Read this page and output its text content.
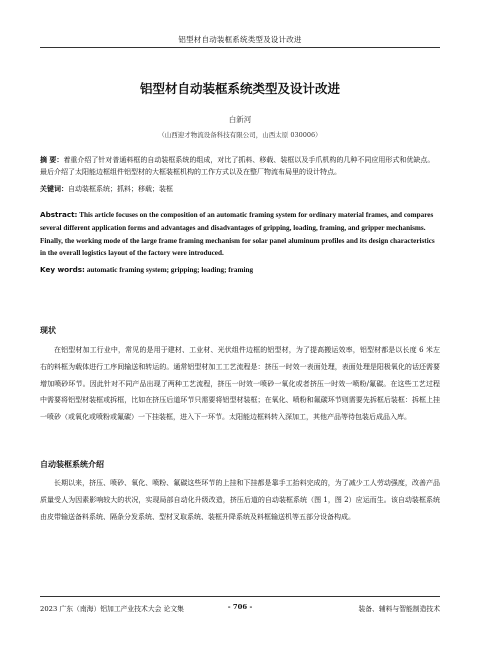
铝型材自动装框系统类型及设计改进
铝型材自动装框系统类型及设计改进
白新河
（山西迎才物流设备科技有限公司，山西太原 030006）

摘 要：着重介绍了针对普通料框的自动装框系统的组成，对比了抓料、移载、装框以及手爪机构的几种不同应用形式和优缺点。最后介绍了太阳能边框组件铝型材的大框装框机构的工作方式以及在整厂物流布局里的设计特点。

关键词：自动装框系统；抓料；移载；装框

Abstract: This article focuses on the composition of an automatic framing system for ordinary material frames, and compares several different application forms and advantages and disadvantages of gripping, loading, framing, and gripper mechanisms. Finally, the working mode of the large frame framing mechanism for solar panel aluminum profiles and its design characteristics in the overall logistics layout of the factory were introduced.

Key words: automatic framing system; gripping; loading; framing

现状

在铝型材加工行业中，常见的是用于建材、工业材、光伏组件边框的铝型材，为了提高搬运效率，铝型材都是以长度 6 米左右的料框为载体进行工序间输送和转运的。通常铝型材加工工艺流程是：挤压一时效一表面处理，表面处理是阳极氧化的话还需要增加喷砂环节。因此针对不同产品出现了两种工艺流程，挤压一时效一喷砂一氧化或者挤压一时效一喷粉/氟碳。在这些工艺过程中需要将铝型材装框或拆框，比如在挤压后道环节只需要将铝型材装框；在氧化、喷粉和氟碳环节则需要先拆框后装框：拆框上挂一喷砂（或氧化或喷粉或氟碳）一下挂装框，进入下一环节。太阳能边框料转入深加工，其他产品等待包装后成品入库。

自动装框系统介绍

长期以来，挤压、喷砂、氧化、喷粉、氟碳这些环节的上挂和下挂都是靠手工抬料完成的，为了减少工人劳动强度，改善产品质量受人为因素影响较大的状况，实现局部自动化升级改造，挤压后道的自动装框系统（图 1，图 2）应运而生。该自动装框系统由皮带输送备料系统、隔条分发系统、型材叉取系统、装框升降系统及料框输送机等五部分设备构成。

2023 广东（南海）铝加工产业技术大会 论文集	- 706 -	装备、辅料与智能制造技术
